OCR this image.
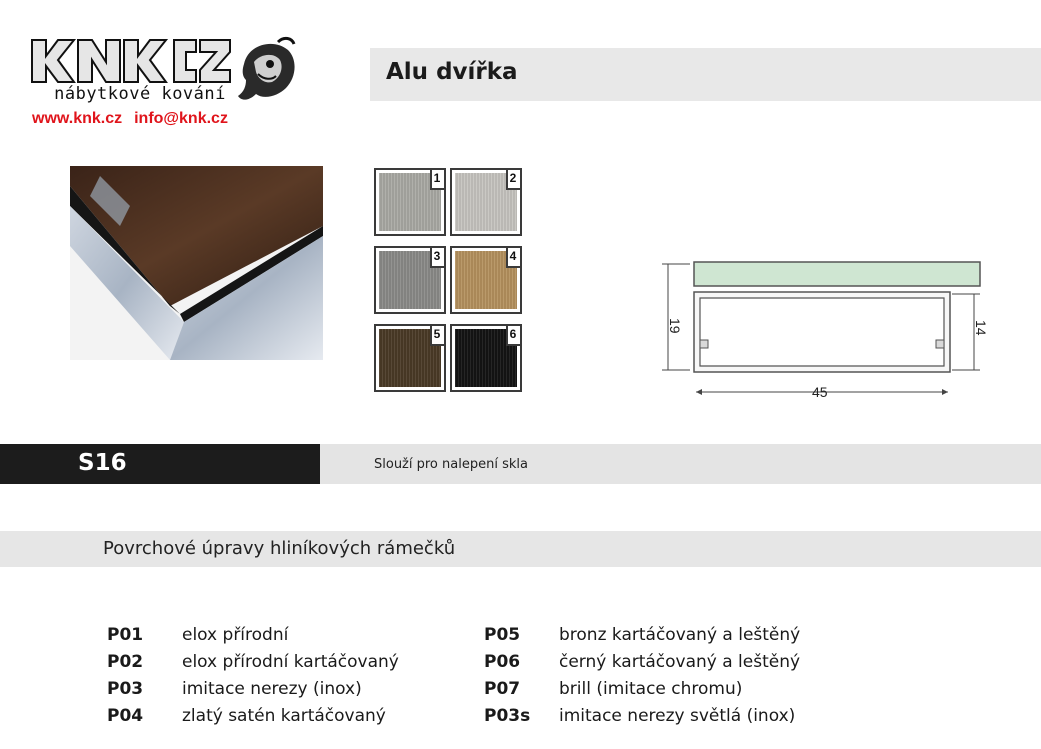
nábytkové kování
www.knk.cz info@knk.cz
Alu dvířka
1	2
3	4
5	6
19	14
45
S16	Slouží pro nalepení skla
Povrchové úpravy hliníkových rámečků
P01 elox přírodní
P02 elox přírodní kartáčovaný
P03 imitace nerezy (inox)
P04 zlatý satén kartáčovaný
P05 bronz kartáčovaný a leštěný
P06 černý kartáčovaný a leštěný
P07 brill (imitace chromu)
P03s imitace nerezy světlá (inox)
